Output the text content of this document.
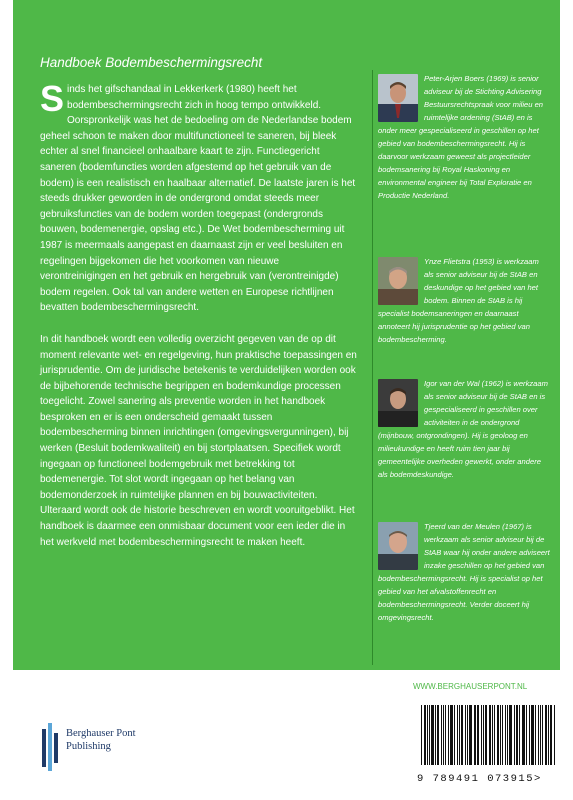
Handboek Bodembeschermingsrecht

Sinds het gifschandaal in Lekkerkerk (1980) heeft het bodembeschermingsrecht zich in hoog tempo ontwikkeld. Oorspronkelijk was het de bedoeling om de Nederlandse bodem geheel schoon te maken door multifunctioneel te saneren, bij bleek echter al snel financieel onhaalbare kaart te zijn. Functiegericht saneren (bodemfuncties worden afgestemd op het gebruik van de bodem) is een realistisch en haalbaar alternatief. De laatste jaren is het steeds drukker geworden in de ondergrond omdat steeds meer gebruiksfuncties van de bodem worden toegepast (ondergronds bouwen, bodemenergie, opslag etc.). De Wet bodembescherming uit 1987 is meermaals aangepast en daarnaast zijn er veel besluiten en regelingen bijgekomen die het voorkomen van nieuwe verontreinigingen en het gebruik en hergebruik van (verontreinigde) bodem regelen. Ook tal van andere wetten en Europese richtlijnen bevatten bodembeschermingsrecht.

In dit handboek wordt een volledig overzicht gegeven van de op dit moment relevante wet- en regelgeving, hun praktische toepassingen en jurisprudentie. Om de juridische betekenis te verduidelijken worden ook de bijbehorende technische begrippen en bodemkundige processen toegelicht. Zowel sanering als preventie worden in het handboek besproken en er is een onderscheid gemaakt tussen bodembescherming binnen inrichtingen (omgevingsvergunningen), bij werken (Besluit bodemkwaliteit) en bij stortplaatsen. Specifiek wordt ingegaan op functioneel bodemgebruik met betrekking tot bodemenergie. Tot slot wordt ingegaan op het belang van bodemonderzoek in ruimtelijke plannen en bij bouwactiviteiten. Ulteraard wordt ook de historie beschreven en wordt vooruitgeblikt. Het handboek is daarmee een onmisbaar document voor een ieder die in het werkveld met bodembeschermingsrecht te maken heeft.

Peter-Arjen Boers (1969) is senior adviseur bij de Stichting Advisering Bestuursrechtspraak voor milieu en ruimtelijke ordening (StAB) en is onder meer gespecialiseerd in geschillen op het gebied van bodembeschermingsrecht. Hij is daarvoor werkzaam geweest als projectleider bodemsanering bij Royal Haskoning en environmental engineer bij Total Exploratie en Productie Nederland.

Ynze Flietstra (1953) is werkzaam als senior adviseur bij de StAB en deskundige op het gebied van het bodem. Binnen de StAB is hij specialist bodemsaneringen en daarnaast annoteert hij jurisprudentie op het gebied van bodembescherming.

Igor van der Wal (1962) is werkzaam als senior adviseur bij de StAB en is gespecialiseerd in geschillen over activiteiten in de ondergrond (mijnbouw, ontgrondingen). Hij is geoloog en milieukundige en heeft ruim tien jaar bij gemeentelijke overheden gewerkt, onder andere als bodemdeskundige.

Tjeerd van der Meulen (1967) is werkzaam als senior adviseur bij de StAB waar hij onder andere adviseert inzake geschillen op het gebied van bodembeschermingsrecht. Hij is specialist op het gebied van het afvalstoffenrecht en bodembeschermingsrecht. Verder doceert hij omgevingsrecht.

WWW.BERGHAUSERPONT.NL
Berghauser Pont
Publishing
9 789491 073915>
